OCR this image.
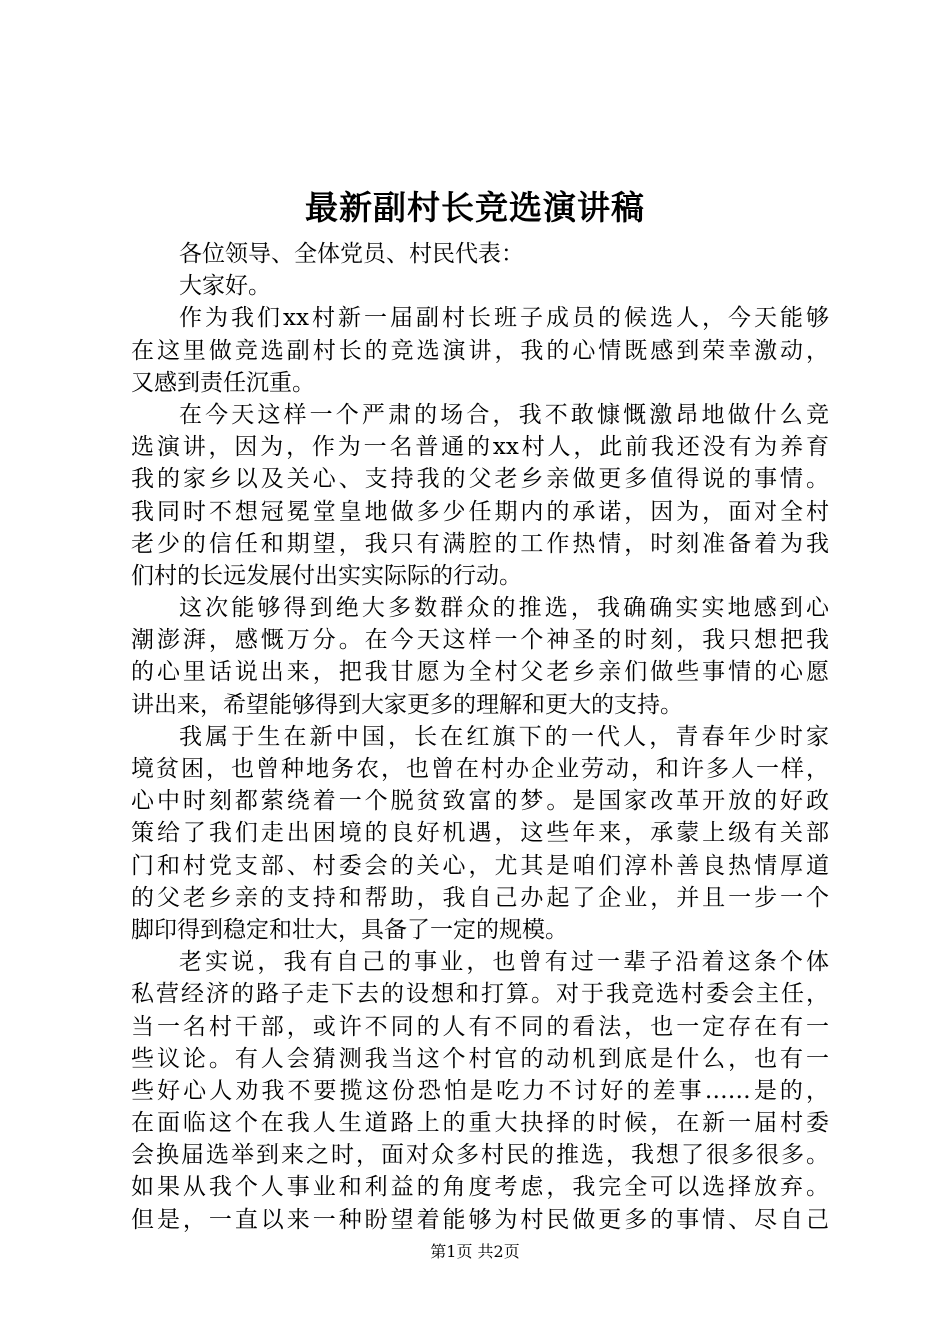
最新副村长竞选演讲稿
各位领导、全体党员、村民代表：
大家好。
作为我们xx村新一届副村长班子成员的候选人，今天能够
在这里做竞选副村长的竞选演讲，我的心情既感到荣幸激动，
又感到责任沉重。
在今天这样一个严肃的场合，我不敢慷慨激昂地做什么竞
选演讲，因为，作为一名普通的xx村人，此前我还没有为养育
我的家乡以及关心、支持我的父老乡亲做更多值得说的事情。
我同时不想冠冕堂皇地做多少任期内的承诺，因为，面对全村
老少的信任和期望，我只有满腔的工作热情，时刻准备着为我
们村的长远发展付出实实际际的行动。
这次能够得到绝大多数群众的推选，我确确实实地感到心
潮澎湃，感慨万分。在今天这样一个神圣的时刻，我只想把我
的心里话说出来，把我甘愿为全村父老乡亲们做些事情的心愿
讲出来，希望能够得到大家更多的理解和更大的支持。
我属于生在新中国，长在红旗下的一代人，青春年少时家
境贫困，也曾种地务农，也曾在村办企业劳动，和许多人一样，
心中时刻都萦绕着一个脱贫致富的梦。是国家改革开放的好政
策给了我们走出困境的良好机遇，这些年来，承蒙上级有关部
门和村党支部、村委会的关心，尤其是咱们淳朴善良热情厚道
的父老乡亲的支持和帮助，我自己办起了企业，并且一步一个
脚印得到稳定和壮大，具备了一定的规模。
老实说，我有自己的事业，也曾有过一辈子沿着这条个体
私营经济的路子走下去的设想和打算。对于我竞选村委会主任，
当一名村干部，或许不同的人有不同的看法，也一定存在有一
些议论。有人会猜测我当这个村官的动机到底是什么，也有一
些好心人劝我不要揽这份恐怕是吃力不讨好的差事……是的，
在面临这个在我人生道路上的重大抉择的时候，在新一届村委
会换届选举到来之时，面对众多村民的推选，我想了很多很多。
如果从我个人事业和利益的角度考虑，我完全可以选择放弃。
但是，一直以来一种盼望着能够为村民做更多的事情、尽自己
第1页 共2页
